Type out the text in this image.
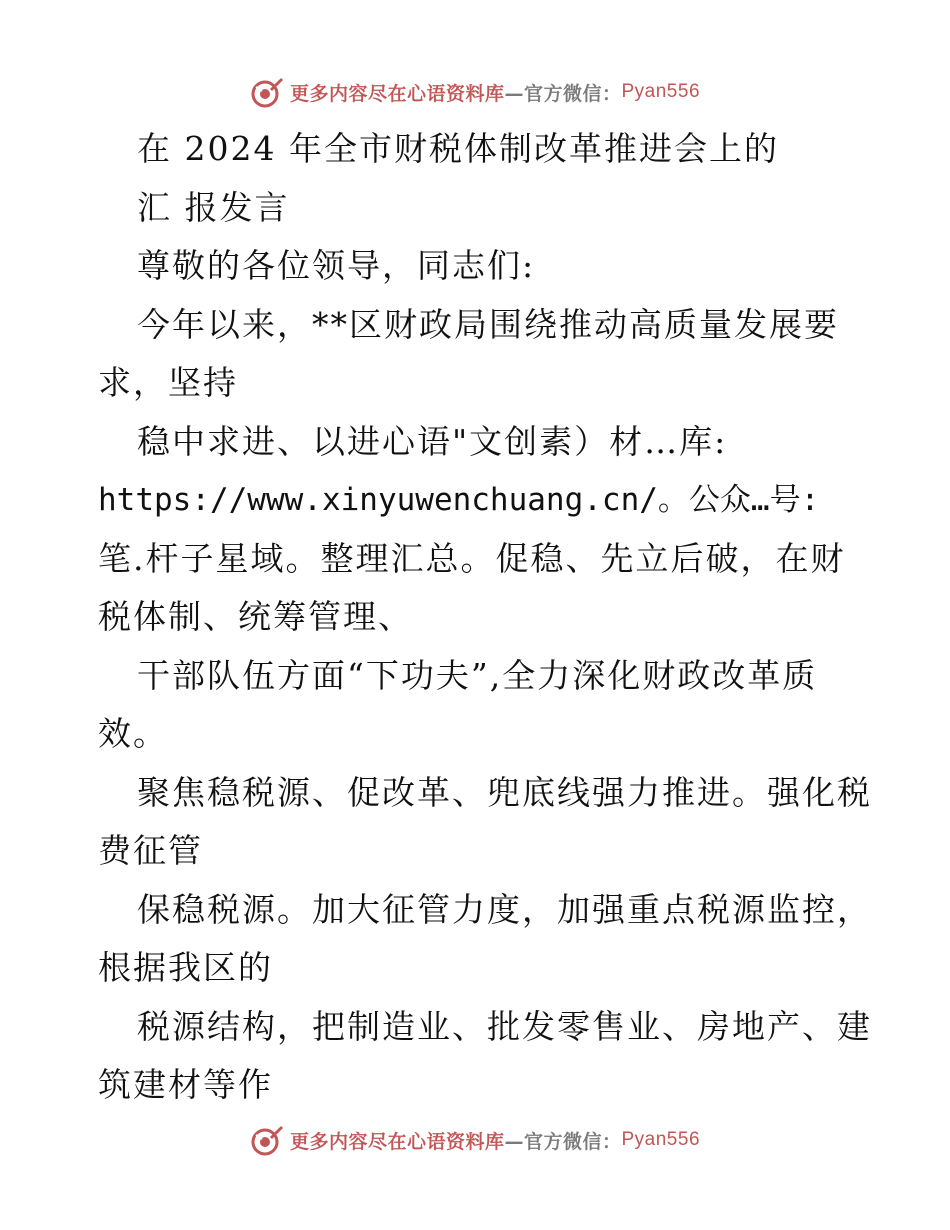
更多内容尽在心语资料库 —官方微信： Pyan556
在 2024 年全市财税体制改革推进会上的
汇 报发言
尊敬的各位领导，同志们:
今年以来，**区财政局围绕推动高质量发展要
求，坚持
稳中求进、以进心语"文创素）材…库:
https://www.xinyuwenchuang.cn/。公众…号:
笔.杆子星域。整理汇总。促稳、先立后破，在财
税体制、统筹管理、
干部队伍方面“下功夫”,全力深化财政改革质
效。
聚焦稳税源、促改革、兜底线强力推进。强化税
费征管
保稳税源。加大征管力度，加强重点税源监控，
根据我区的
税源结构，把制造业、批发零售业、房地产、建
筑建材等作
更多内容尽在心语资料库 —官方微信： Pyan556
